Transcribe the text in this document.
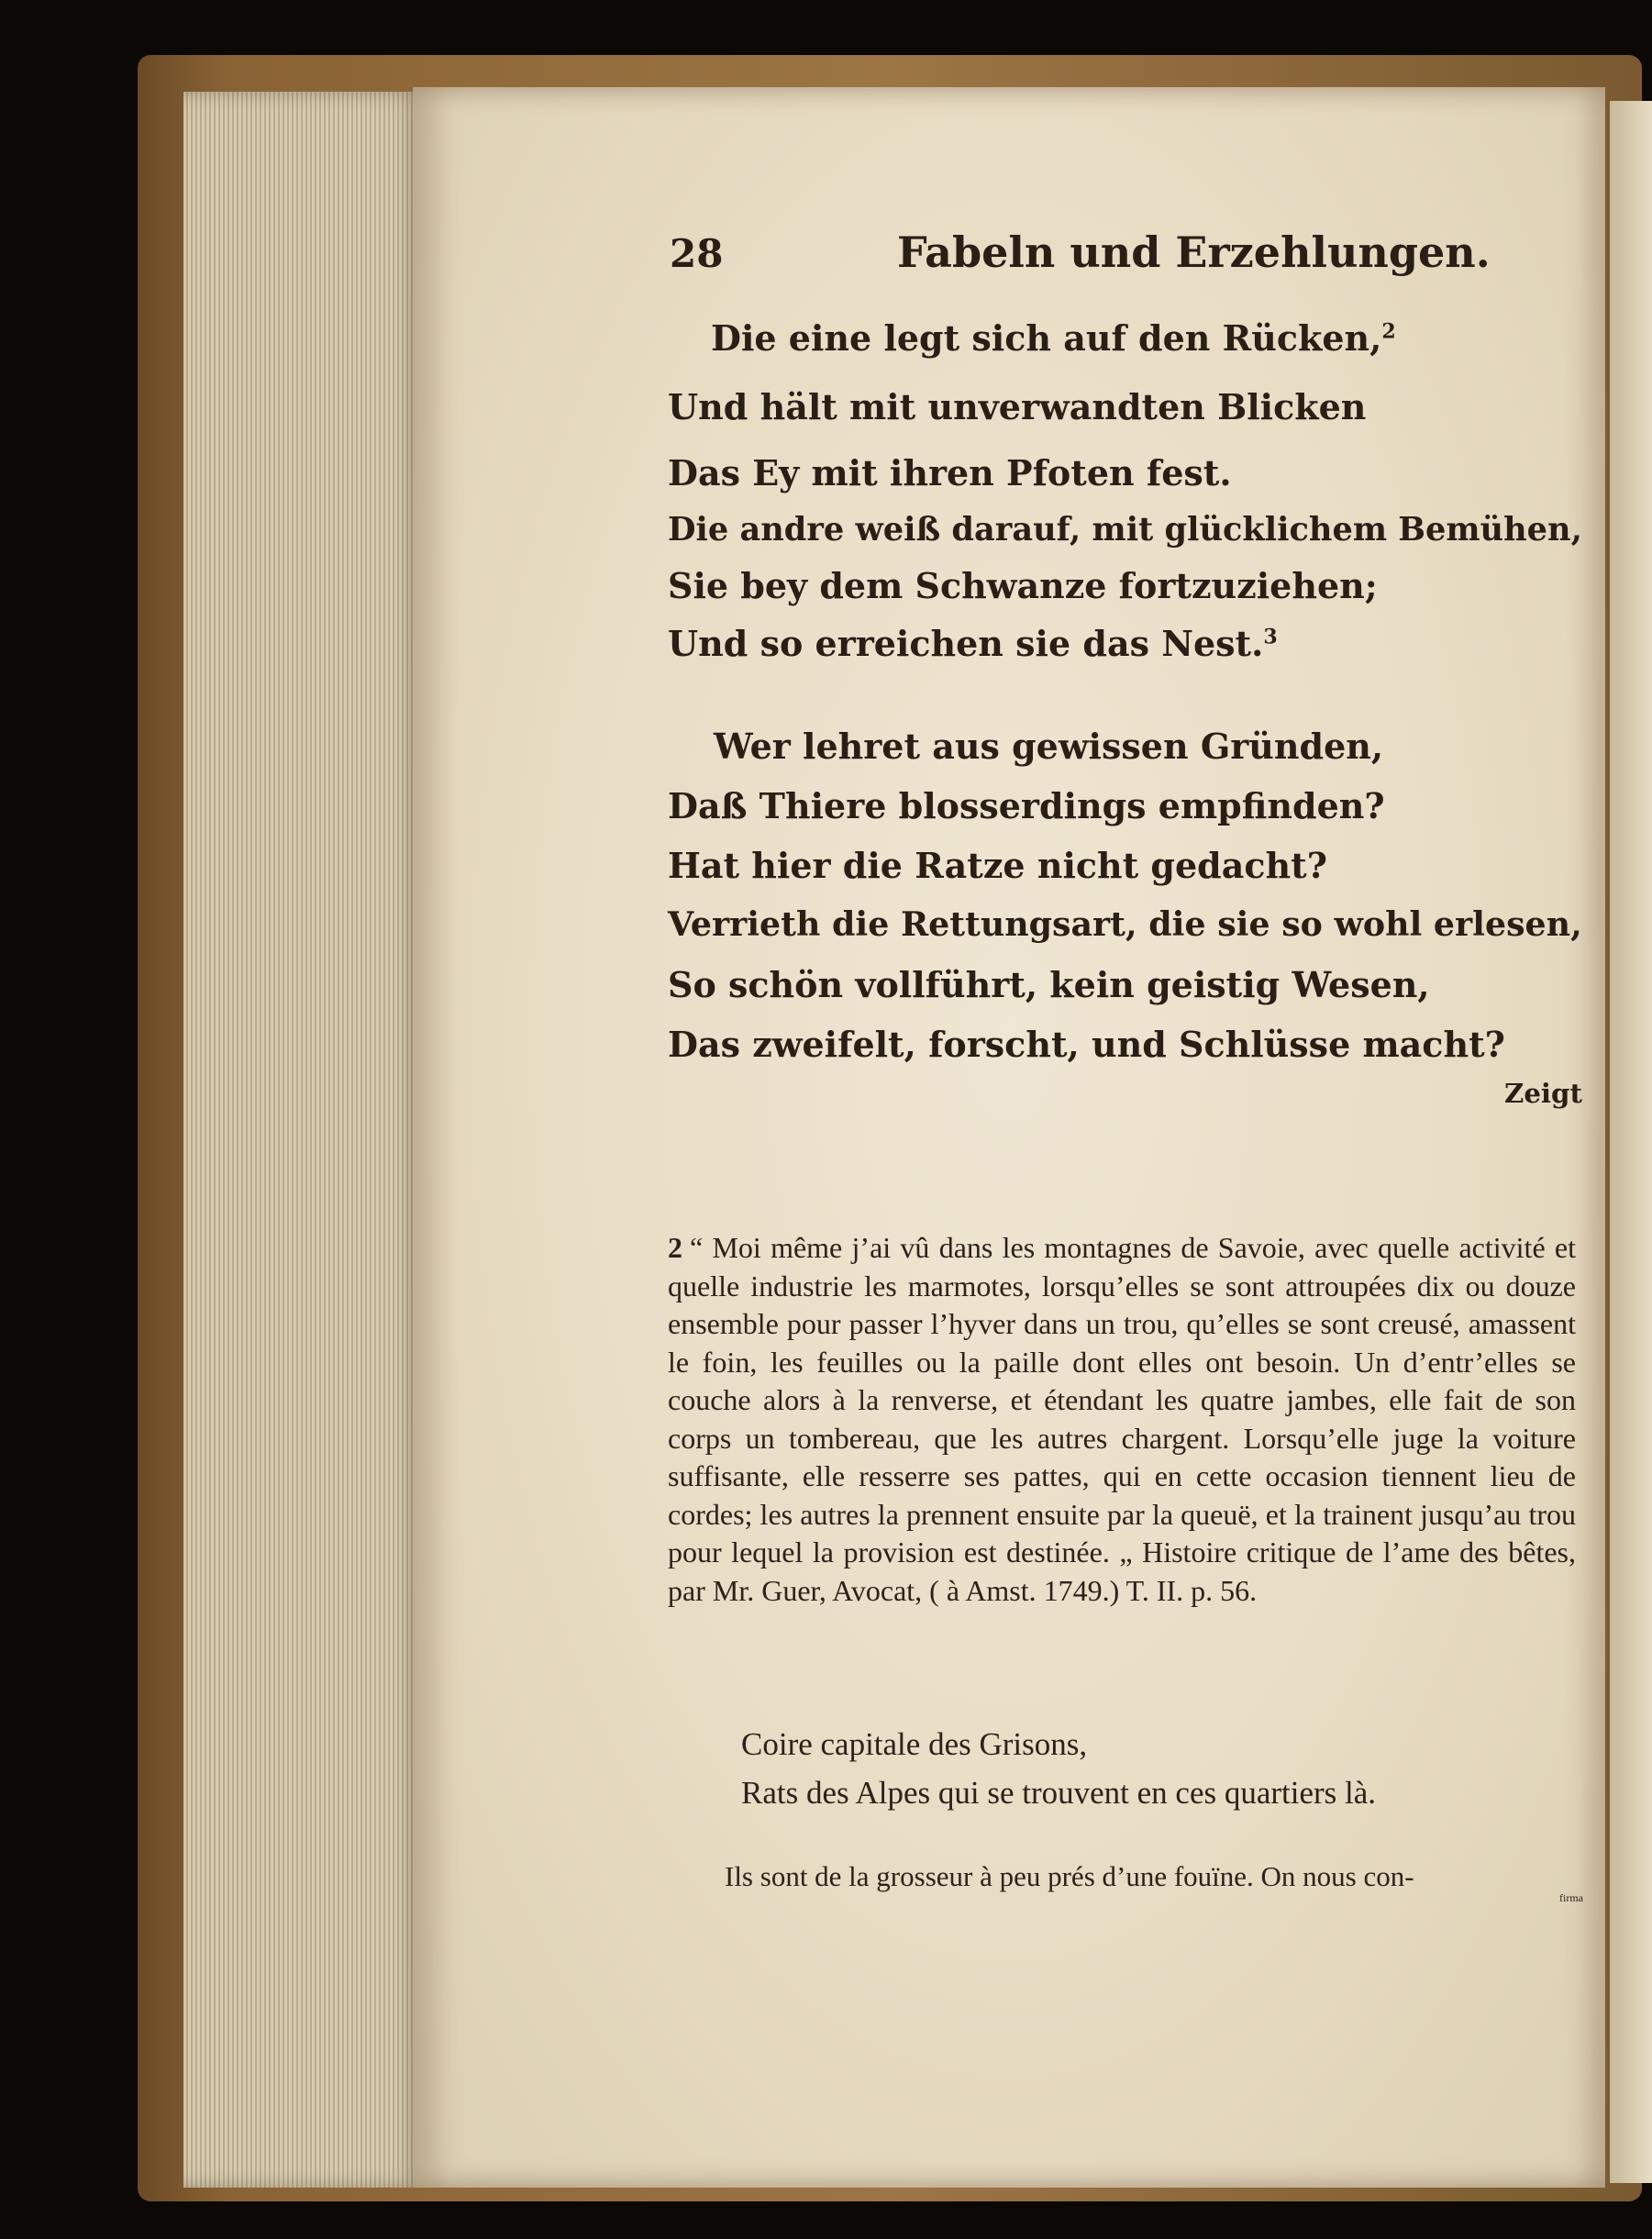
28	Fabeln und Erzehlungen.
Die eine legt sich auf den Rücken,$^2$
Und hält mit unverwandten Blicken
Das Ey mit ihren Pfoten fest.
Die andre weiß darauf, mit glücklichem Bemühen,
Sie bey dem Schwanze fortzuziehen;
Und so erreichen sie das Nest.$^3$
Wer lehret aus gewissen Gründen,
Daß Thiere blosserdings empfinden?
Hat hier die Ratze nicht gedacht?
Verrieth die Rettungsart, die sie so wohl erlesen,
So schön vollführt, kein geistig Wesen,
Das zweifelt, forscht, und Schlüsse macht?
Zeigt
2 “ Moi même j’ai vû dans les montagnes de Savoie, avec quelle activité et quelle industrie les marmotes, lorsqu’elles se sont attroupées dix ou douze ensemble pour passer l’hyver dans un trou, qu’elles se sont creusé, amassent le foin, les feuilles ou la paille dont elles ont besoin. Un d’entr’elles se couche alors à la renverse, et étendant les quatre jambes, elle fait de son corps un tombereau, que les autres chargent. Lorsqu’elle juge la voiture suffisante, elle resserre ses pattes, qui en cette occasion tiennent lieu de cordes; les autres la prennent ensuite par la queuë, et la trainent jusqu’au trou pour lequel la provision est destinée. „ Histoire critique de l’ame des bêtes, par Mr. Guer, Avocat, ( à Amst. 1749.) T. II. p. 56.
Coire capitale des Grisons,
Rats des Alpes qui se trouvent en ces quartiers là.
Ils sont de la grosseur à peu prés d’une fouïne. On nous con-
firma
